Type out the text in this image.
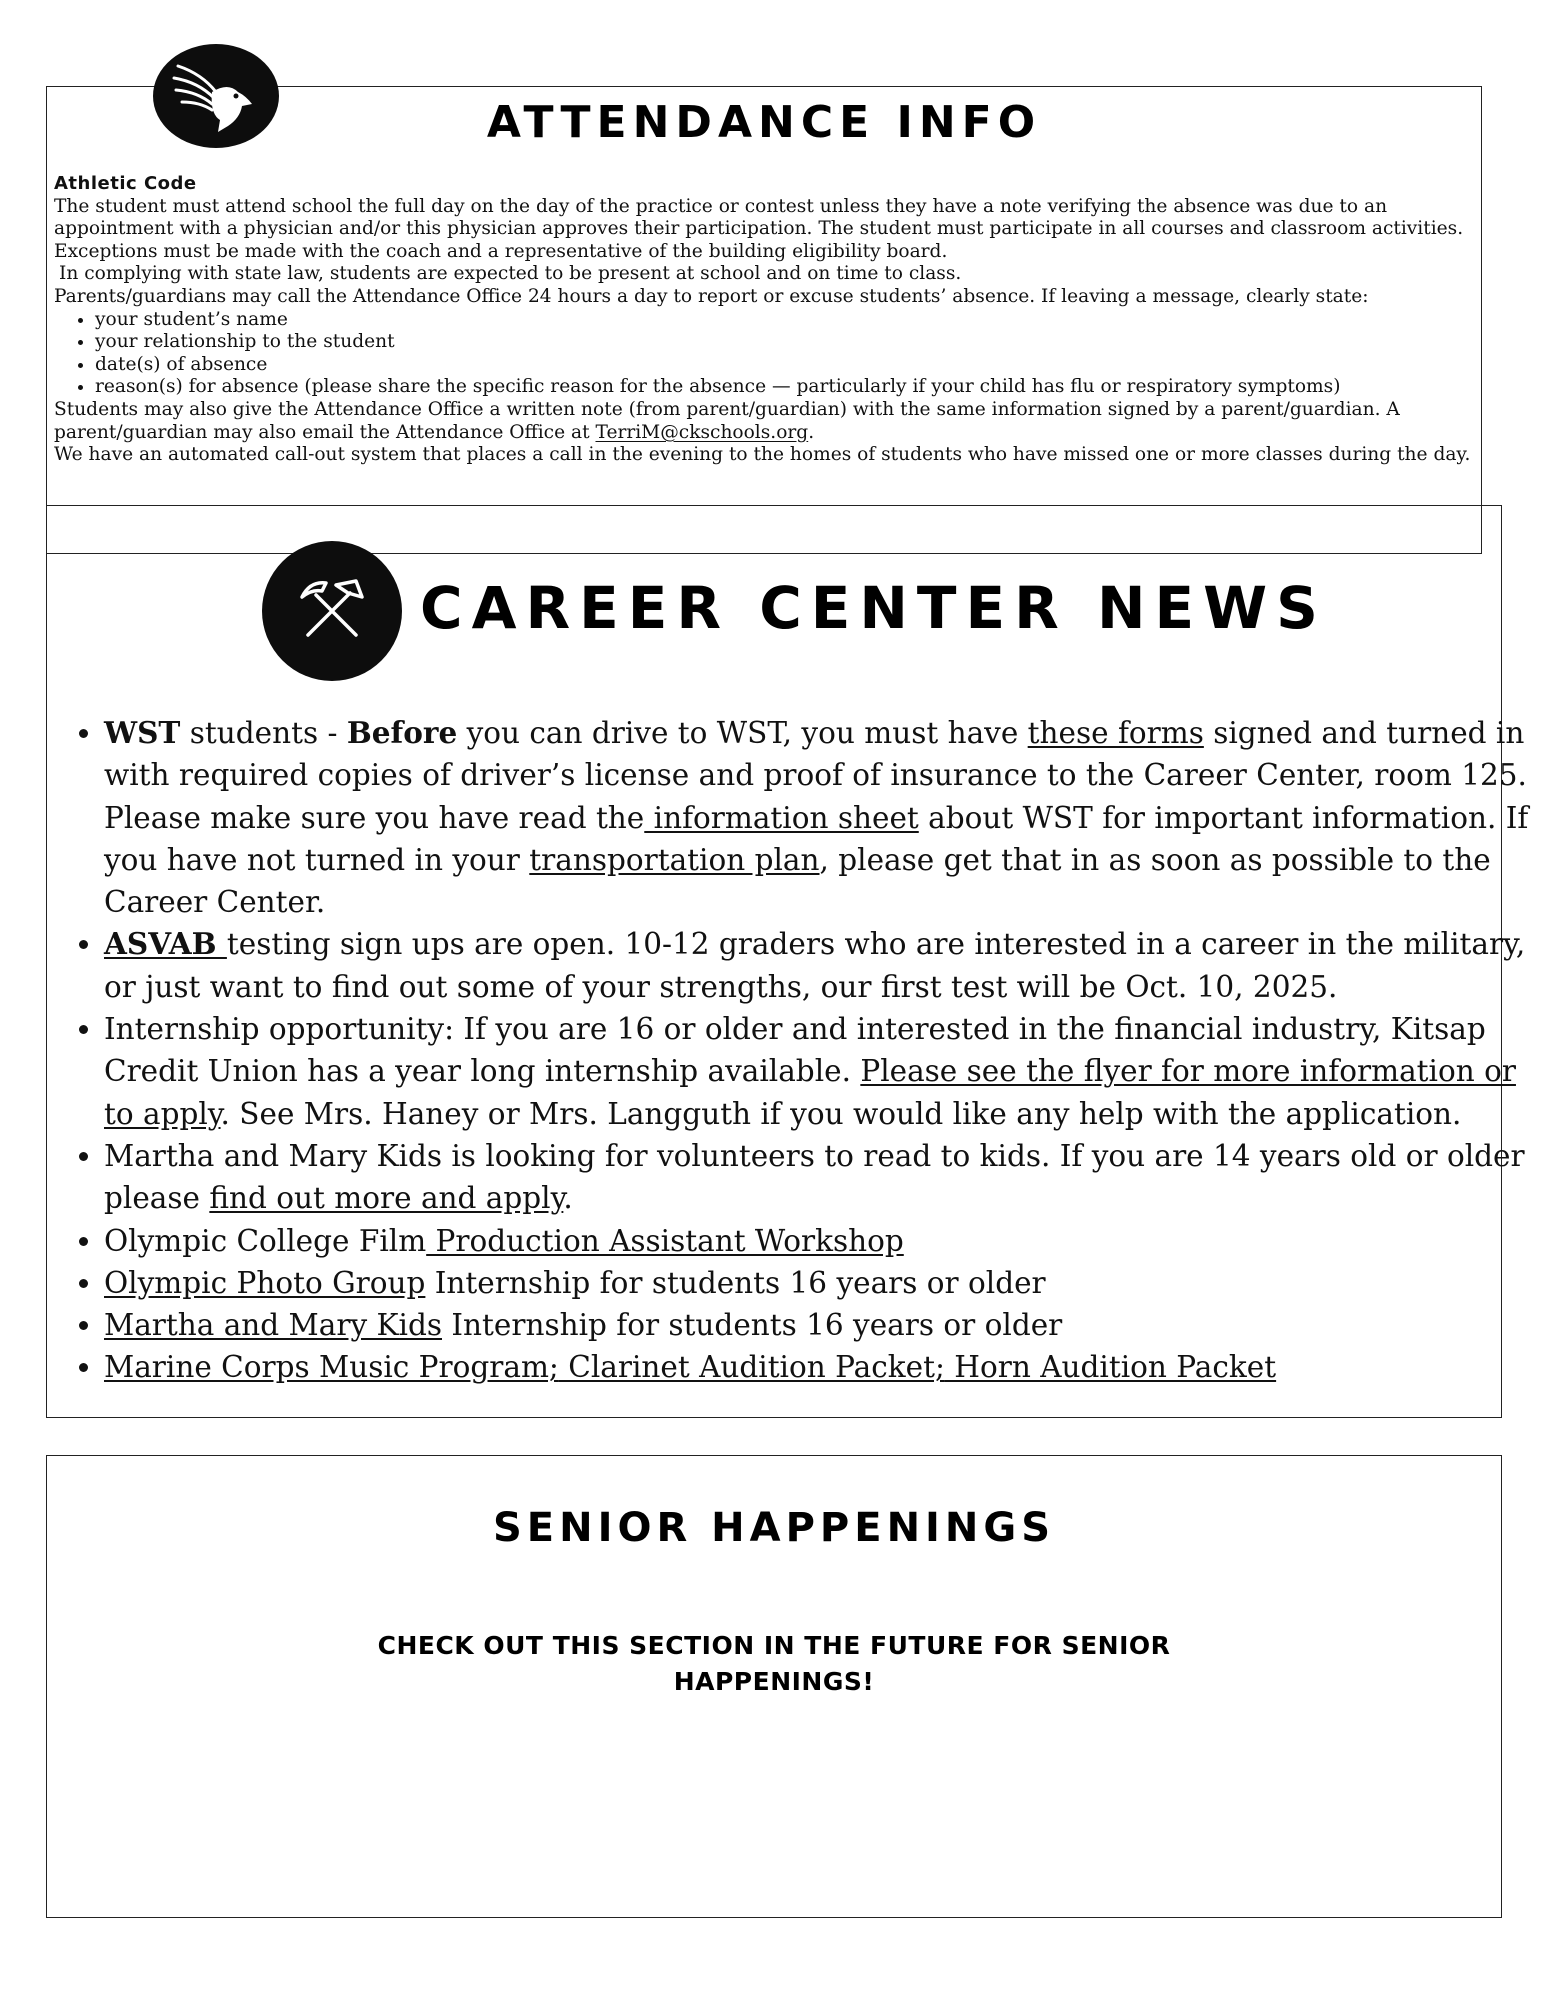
ATTENDANCE INFO
Athletic Code

The student must attend school the full day on the day of the practice or contest unless they have a note verifying the absence was due to an appointment with a physician and/or this physician approves their participation. The student must participate in all courses and classroom activities. Exceptions must be made with the coach and a representative of the building eligibility board.

In complying with state law, students are expected to be present at school and on time to class.

Parents/guardians may call the Attendance Office 24 hours a day to report or excuse students’ absence. If leaving a message, clearly state:

• your student’s name
• your relationship to the student
• date(s) of absence
• reason(s) for absence (please share the specific reason for the absence — particularly if your child has flu or respiratory symptoms)

Students may also give the Attendance Office a written note (from parent/guardian) with the same information signed by a parent/guardian. A parent/guardian may also email the Attendance Office at TerriM@ckschools.org.

We have an automated call-out system that places a call in the evening to the homes of students who have missed one or more classes during the day.

CAREER CENTER NEWS
• WST students - Before you can drive to WST, you must have these forms signed and turned in with required copies of driver’s license and proof of insurance to the Career Center, room 125. Please make sure you have read the information sheet about WST for important information. If you have not turned in your transportation plan, please get that in as soon as possible to the Career Center.
• ASVAB testing sign ups are open. 10-12 graders who are interested in a career in the military, or just want to find out some of your strengths, our first test will be Oct. 10, 2025.
• Internship opportunity: If you are 16 or older and interested in the financial industry, Kitsap Credit Union has a year long internship available. Please see the flyer for more information or to apply. See Mrs. Haney or Mrs. Langguth if you would like any help with the application.
• Martha and Mary Kids is looking for volunteers to read to kids. If you are 14 years old or older please find out more and apply.
• Olympic College Film Production Assistant Workshop
• Olympic Photo Group Internship for students 16 years or older
• Martha and Mary Kids Internship for students 16 years or older
• Marine Corps Music Program; Clarinet Audition Packet; Horn Audition Packet
SENIOR HAPPENINGS
CHECK OUT THIS SECTION IN THE FUTURE FOR SENIOR HAPPENINGS!
